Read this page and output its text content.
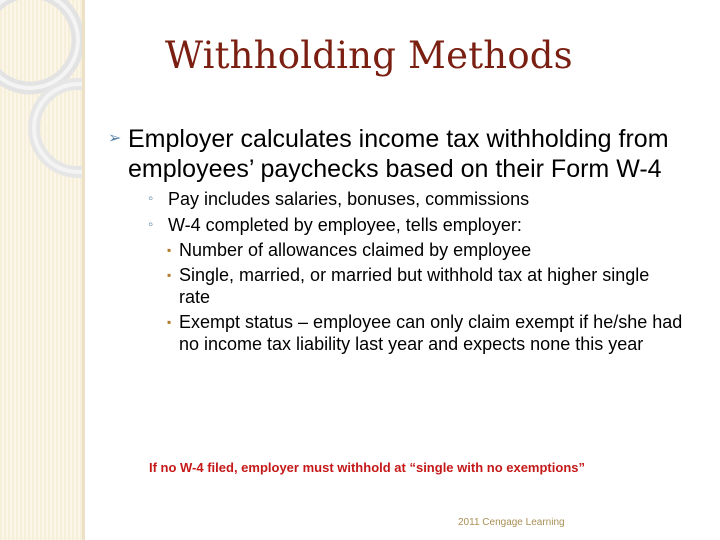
Withholding Methods
➢ Employer calculates income tax withholding from employees’ paychecks based on their Form W-4
◦ Pay includes salaries, bonuses, commissions
◦ W-4 completed by employee, tells employer:
▪ Number of allowances claimed by employee
▪ Single, married, or married but withhold tax at higher single rate
▪ Exempt status – employee can only claim exempt if he/she had no income tax liability last year and expects none this year
If no W-4 filed, employer must withhold at “single with no exemptions”
2011 Cengage Learning
